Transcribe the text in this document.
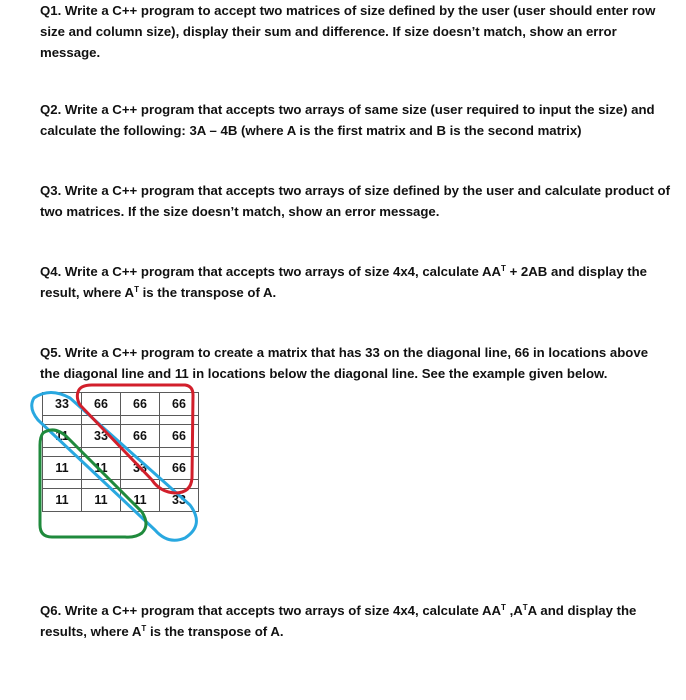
Q1. Write a C++ program to accept two matrices of size defined by the user (user should enter row size and column size), display their sum and difference. If size doesn’t match, show an error message.

Q2. Write a C++ program that accepts two arrays of same size (user required to input the size) and calculate the following: 3A – 4B (where A is the first matrix and B is the second matrix)

Q3. Write a C++ program that accepts two arrays of size defined by the user and calculate product of two matrices. If the size doesn’t match, show an error message.

Q4. Write a C++ program that accepts two arrays of size 4x4, calculate $AA^T + 2AB$ and display the result, where $A^T$ is the transpose of A.

Q5. Write a C++ program to create a matrix that has 33 on the diagonal line, 66 in locations above the diagonal line and 11 in locations below the diagonal line. See the example given below.

33	66	66	66

11	33	66	66

11	11	33	66

11	11	11	33

Q6. Write a C++ program that accepts two arrays of size 4x4, calculate $AA^T$ $,A^TA$ and display the results, where $A^T$ is the transpose of A.
